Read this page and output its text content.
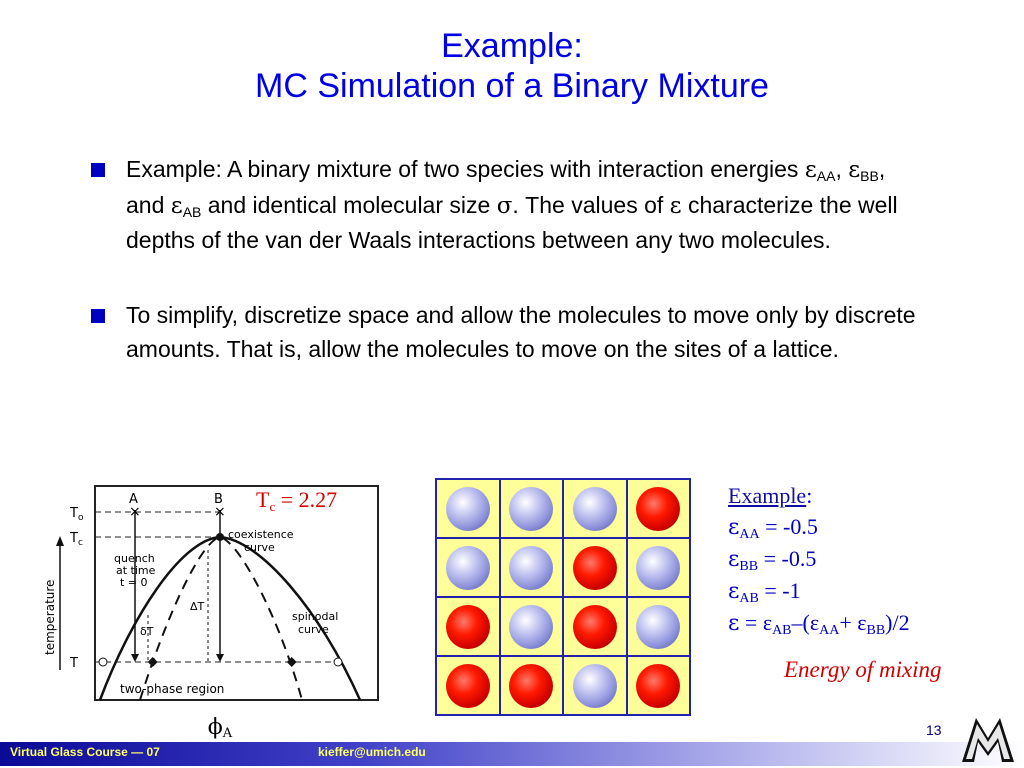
Example:
MC Simulation of a Binary Mixture
Example: A binary mixture of two species with interaction energies $\varepsilon_{AA}$, $\varepsilon_{BB}$, and $\varepsilon_{AB}$ and identical molecular size σ. The values of ε characterize the well depths of the van der Waals interactions between any two molecules.
To simplify, discretize space and allow the molecules to move only by discrete amounts. That is, allow the molecules to move on the sites of a lattice.
×	×
temperature
$T_o$
$T_c$
T
A	B
coexistence
curve
spinodal
curve
quench
at time
t = 0
ΔT
δT
two-phase region
$T_c = 2.27$
$\phi_A$
Example:
$\varepsilon_{AA} = -0.5$
$\varepsilon_{BB} = -0.5$
$\varepsilon_{AB} = -1$
$\varepsilon = \varepsilon_{AB}-(\varepsilon_{AA}+ \varepsilon_{BB})/2$
Energy of mixing
13
Virtual Glass Course — 07	kieffer@umich.edu
